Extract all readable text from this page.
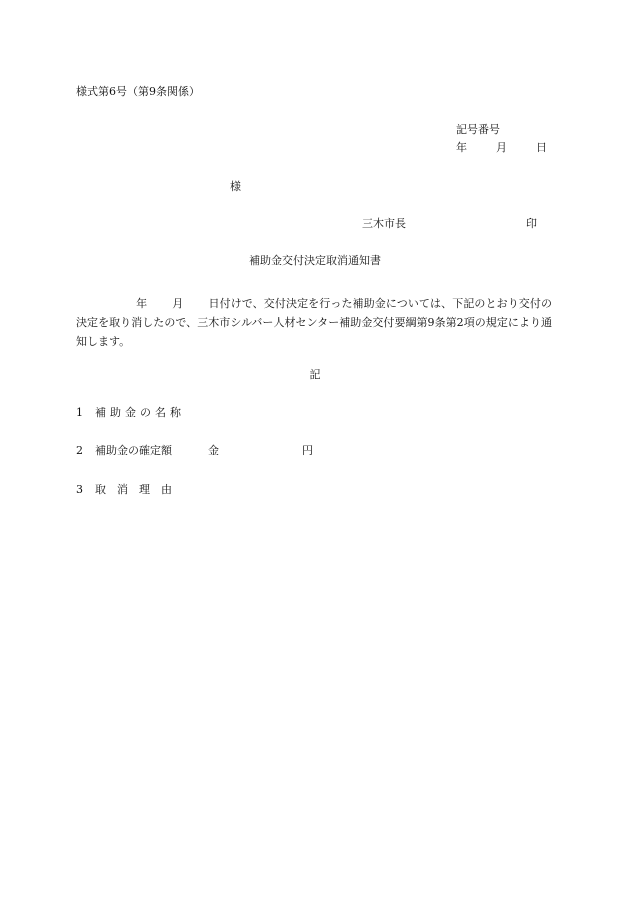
様式第6号（第9条関係）
記号番号
年	月	日
様
三木市長	印
補助金交付決定取消通知書
年 月 日付けで、交付決定を行った補助金については、下記のとおり交付の決定を取り消したので、三木市シルバー人材センター補助金交付要綱第9条第2項の規定により通知します。
記
1 補助金の名称
2 補助金の確定額	金	円
3 取消理由
